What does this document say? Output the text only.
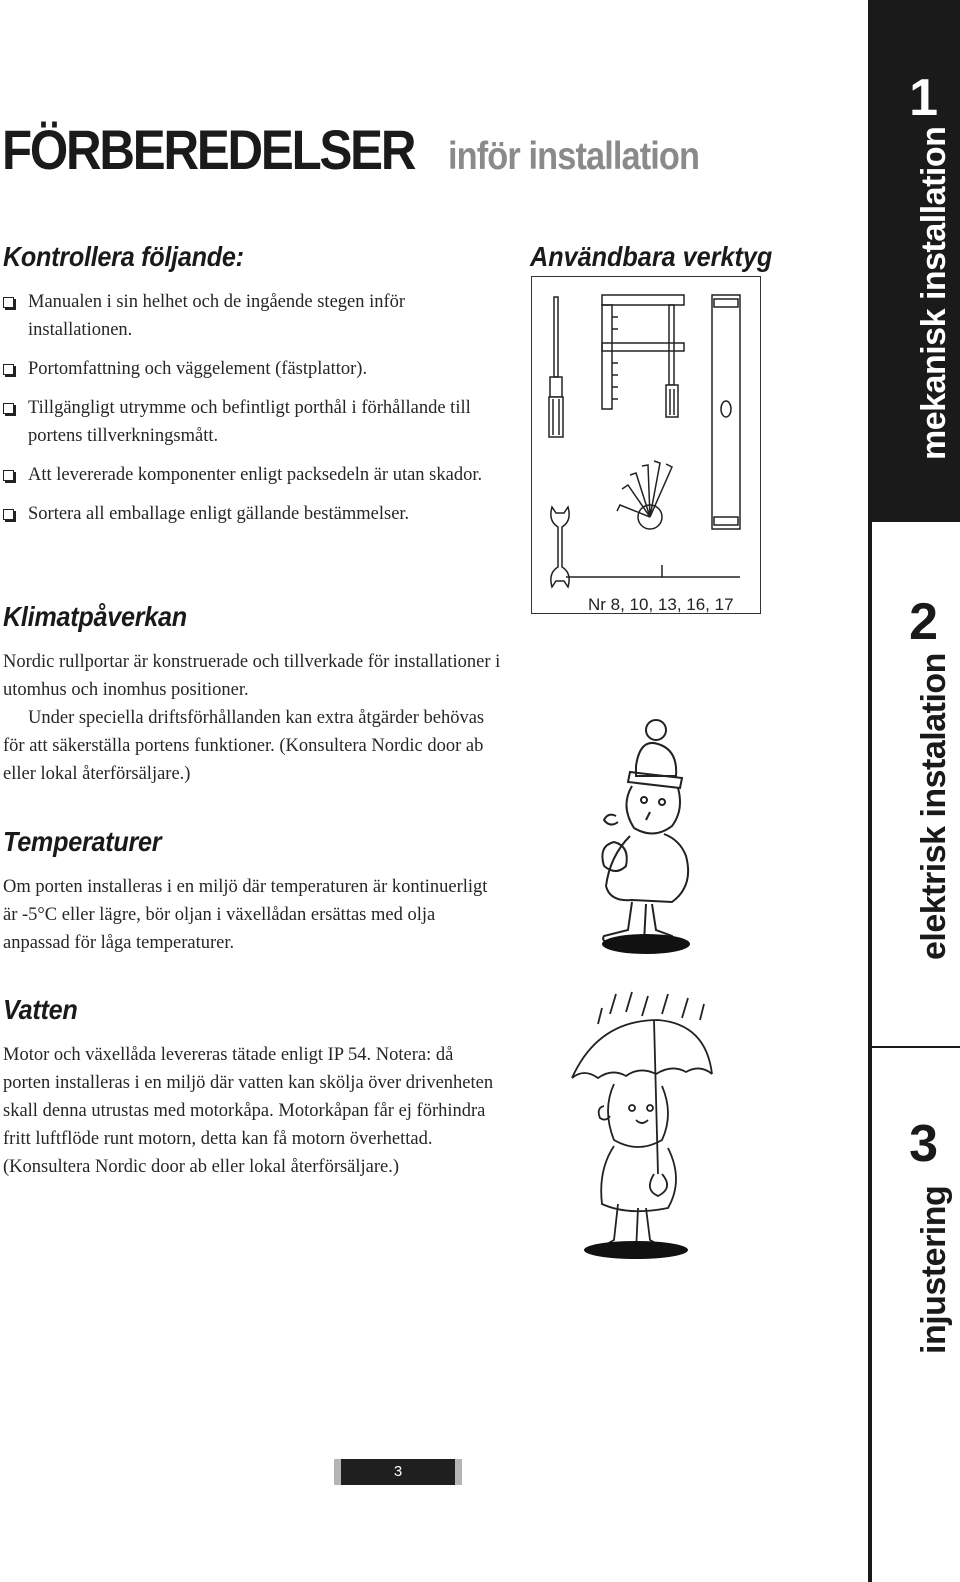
FÖRBEREDELSER inför installation
Kontrollera följande:
Manualen i sin helhet och de ingående stegen inför installationen.
Portomfattning och väggelement (fästplattor).
Tillgängligt utrymme och befintligt porthål i förhållande till portens tillverkningsmått.
Att levererade komponenter enligt packsedeln är utan skador.
Sortera all emballage enligt gällande bestämmelser.
Klimatpåverkan

Nordic rullportar är konstruerade och tillverkade för installationer i utomhus och inomhus positioner.

Under speciella driftsförhållanden kan extra åtgärder behövas för att säkerställa portens funktioner. (Konsultera Nordic door ab eller lokal återförsäljare.)

Temperaturer

Om porten installeras i en miljö där temperaturen är kontinuerligt är -5°C eller lägre, bör oljan i växellådan ersättas med olja anpassad för låga temperaturer.

Vatten

Motor och växellåda levereras tätade enligt IP 54. Notera: då porten installeras i en miljö där vatten kan skölja över drivenheten skall denna utrustas med motorkåpa. Motorkåpan får ej förhindra fritt luftflöde runt motorn, detta kan få motorn överhettad. (Konsultera Nordic door ab eller lokal återförsäljare.)

Användbara verktyg
Nr 8, 10, 13, 16, 17
1
mekanisk installation
2
elektrisk instalation
3
injustering
3
